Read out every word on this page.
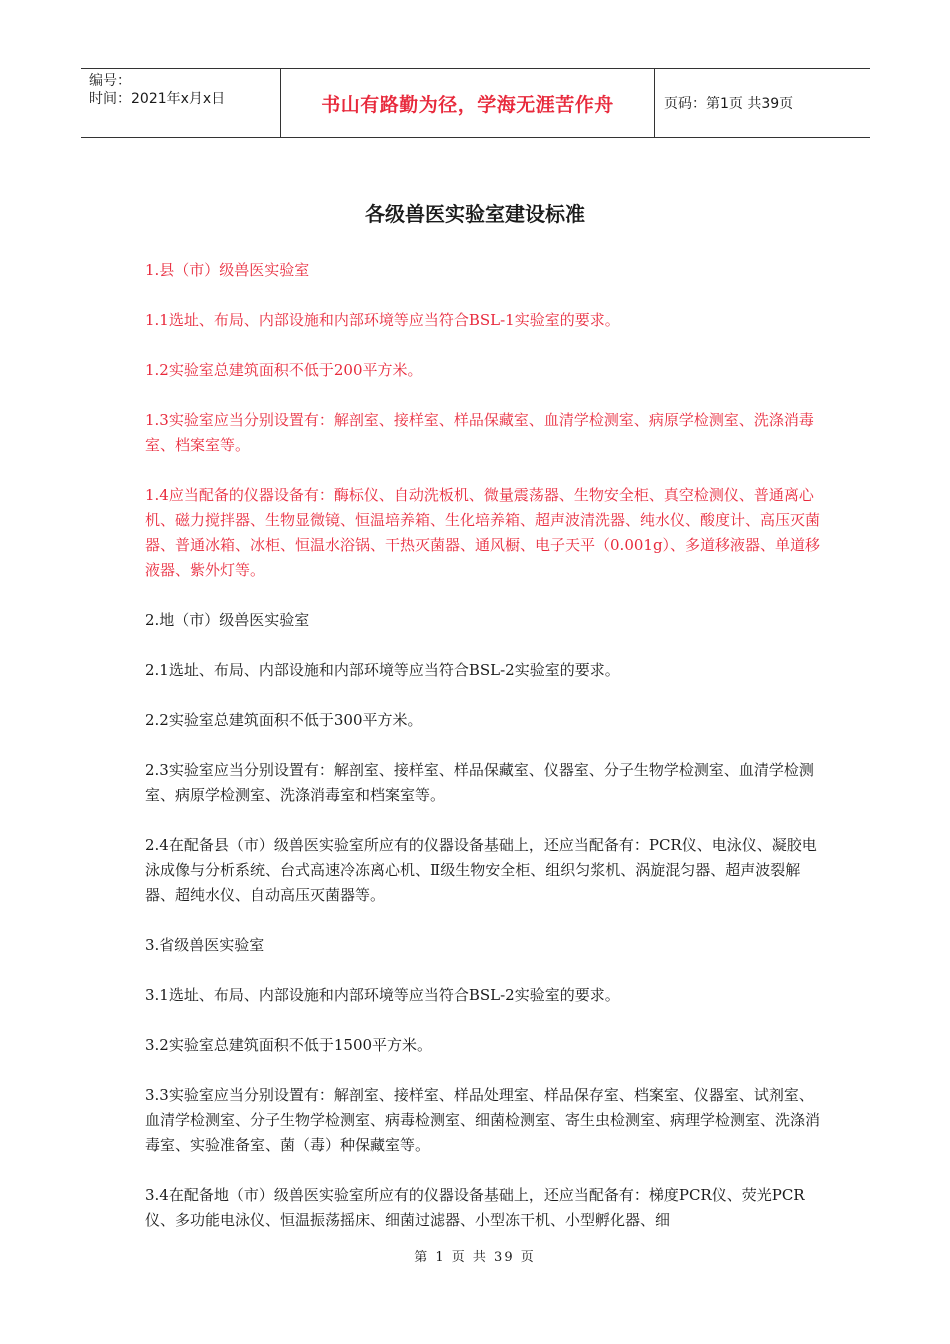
编号：
时间：2021年x月x日	书山有路勤为径，学海无涯苦作舟	页码：第1页 共39页
各级兽医实验室建设标准

1.县（市）级兽医实验室

1.1选址、布局、内部设施和内部环境等应当符合BSL-1实验室的要求。

1.2实验室总建筑面积不低于200平方米。

1.3实验室应当分别设置有：解剖室、接样室、样品保藏室、血清学检测室、病原学检测室、洗涤消毒室、档案室等。

1.4应当配备的仪器设备有：酶标仪、自动洗板机、微量震荡器、生物安全柜、真空检测仪、普通离心机、磁力搅拌器、生物显微镜、恒温培养箱、生化培养箱、超声波清洗器、纯水仪、酸度计、高压灭菌器、普通冰箱、冰柜、恒温水浴锅、干热灭菌器、通风橱、电子天平（0.001g）、多道移液器、单道移液器、紫外灯等。

2.地（市）级兽医实验室

2.1选址、布局、内部设施和内部环境等应当符合BSL-2实验室的要求。

2.2实验室总建筑面积不低于300平方米。

2.3实验室应当分别设置有：解剖室、接样室、样品保藏室、仪器室、分子生物学检测室、血清学检测室、病原学检测室、洗涤消毒室和档案室等。

2.4在配备县（市）级兽医实验室所应有的仪器设备基础上，还应当配备有：PCR仪、电泳仪、凝胶电泳成像与分析系统、台式高速冷冻离心机、Ⅱ级生物安全柜、组织匀浆机、涡旋混匀器、超声波裂解器、超纯水仪、自动高压灭菌器等。

3.省级兽医实验室

3.1选址、布局、内部设施和内部环境等应当符合BSL-2实验室的要求。

3.2实验室总建筑面积不低于1500平方米。

3.3实验室应当分别设置有：解剖室、接样室、样品处理室、样品保存室、档案室、仪器室、试剂室、血清学检测室、分子生物学检测室、病毒检测室、细菌检测室、寄生虫检测室、病理学检测室、洗涤消毒室、实验准备室、菌（毒）种保藏室等。

3.4在配备地（市）级兽医实验室所应有的仪器设备基础上，还应当配备有：梯度PCR仪、荧光PCR仪、多功能电泳仪、恒温振荡摇床、细菌过滤器、小型冻干机、小型孵化器、细

第 1 页 共 39 页
